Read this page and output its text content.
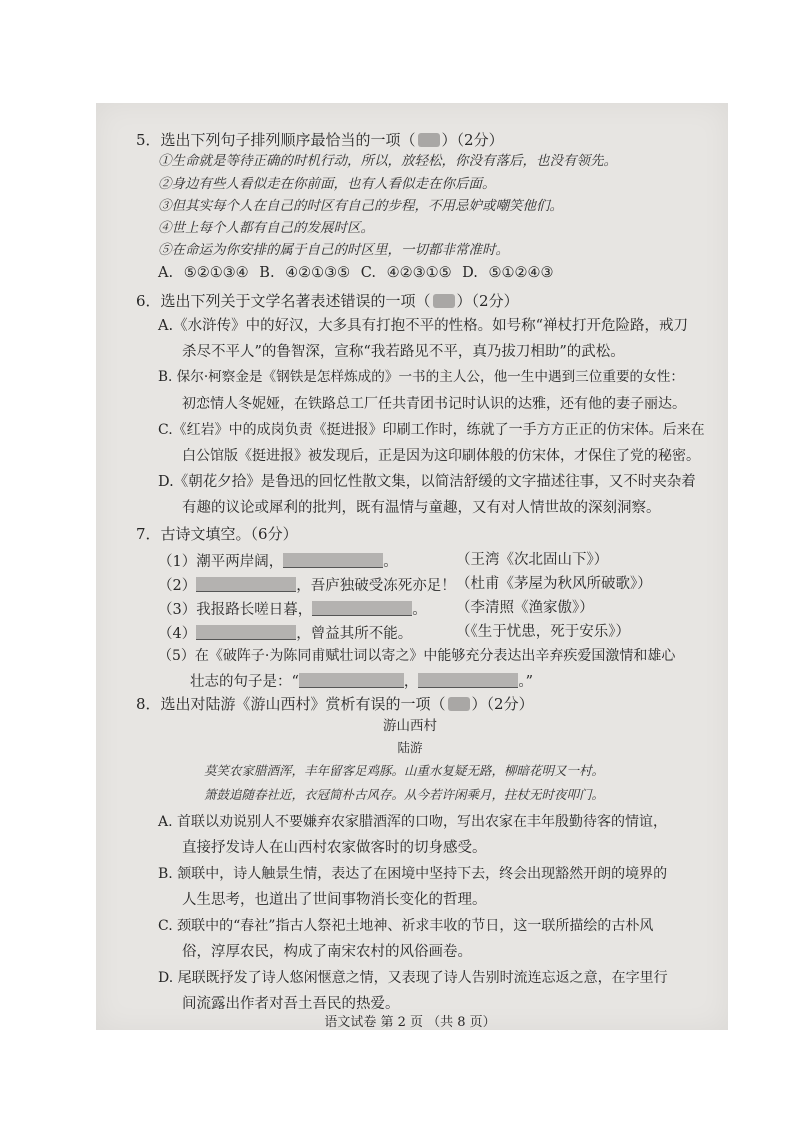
5．选出下列句子排列顺序最恰当的一项（ ）（2分）
①生命就是等待正确的时机行动，所以，放轻松，你没有落后，也没有领先。
②身边有些人看似走在你前面，也有人看似走在你后面。
③但其实每个人在自己的时区有自己的步程，不用忌妒或嘲笑他们。
④世上每个人都有自己的发展时区。
⑤在命运为你安排的属于自己的时区里，一切都非常准时。
A. ⑤②①③④ B. ④②①③⑤ C. ④②③①⑤ D. ⑤①②④③
6．选出下列关于文学名著表述错误的一项（ ）（2分）
A.《水浒传》中的好汉，大多具有打抱不平的性格。如号称“禅杖打开危险路，戒刀
杀尽不平人”的鲁智深，宣称“我若路见不平，真乃拔刀相助”的武松。
B. 保尔·柯察金是《钢铁是怎样炼成的》一书的主人公，他一生中遇到三位重要的女性：
初恋情人冬妮娅，在铁路总工厂任共青团书记时认识的达雅，还有他的妻子丽达。
C.《红岩》中的成岗负责《挺进报》印刷工作时，练就了一手方方正正的仿宋体。后来在
白公馆版《挺进报》被发现后，正是因为这印刷体般的仿宋体，才保住了党的秘密。
D.《朝花夕拾》是鲁迅的回忆性散文集，以简洁舒缓的文字描述往事，又不时夹杂着
有趣的议论或犀利的批判，既有温情与童趣，又有对人情世故的深刻洞察。
7．古诗文填空。（6分）
（1）潮平两岸阔，	。	（王湾《次北固山下》）
（2）	，吾庐独破受冻死亦足！ （杜甫《茅屋为秋风所破歌》）
（3）我报路长嗟日暮，	。 （李清照《渔家傲》）
（4）	，曾益其所不能。	（《生于忧患，死于安乐》）
（5）在《破阵子·为陈同甫赋壮词以寄之》中能够充分表达出辛弃疾爱国激情和雄心
壮志的句子是：“	，	。”
8．选出对陆游《游山西村》赏析有误的一项（ ）（2分）
游山西村
陆游
莫笑农家腊酒浑，丰年留客足鸡豚。山重水复疑无路，柳暗花明又一村。
箫鼓追随春社近，衣冠简朴古风存。从今若许闲乘月，拄杖无时夜叩门。
A. 首联以劝说别人不要嫌弃农家腊酒浑的口吻，写出农家在丰年殷勤待客的情谊，
直接抒发诗人在山西村农家做客时的切身感受。
B. 颔联中，诗人触景生情，表达了在困境中坚持下去，终会出现豁然开朗的境界的
人生思考，也道出了世间事物消长变化的哲理。
C. 颈联中的“春社”指古人祭祀土地神、祈求丰收的节日，这一联所描绘的古朴风
俗，淳厚农民，构成了南宋农村的风俗画卷。
D. 尾联既抒发了诗人悠闲惬意之情，又表现了诗人告别时流连忘返之意，在字里行
间流露出作者对吾土吾民的热爱。
语文试卷 第 2 页 （共 8 页）
